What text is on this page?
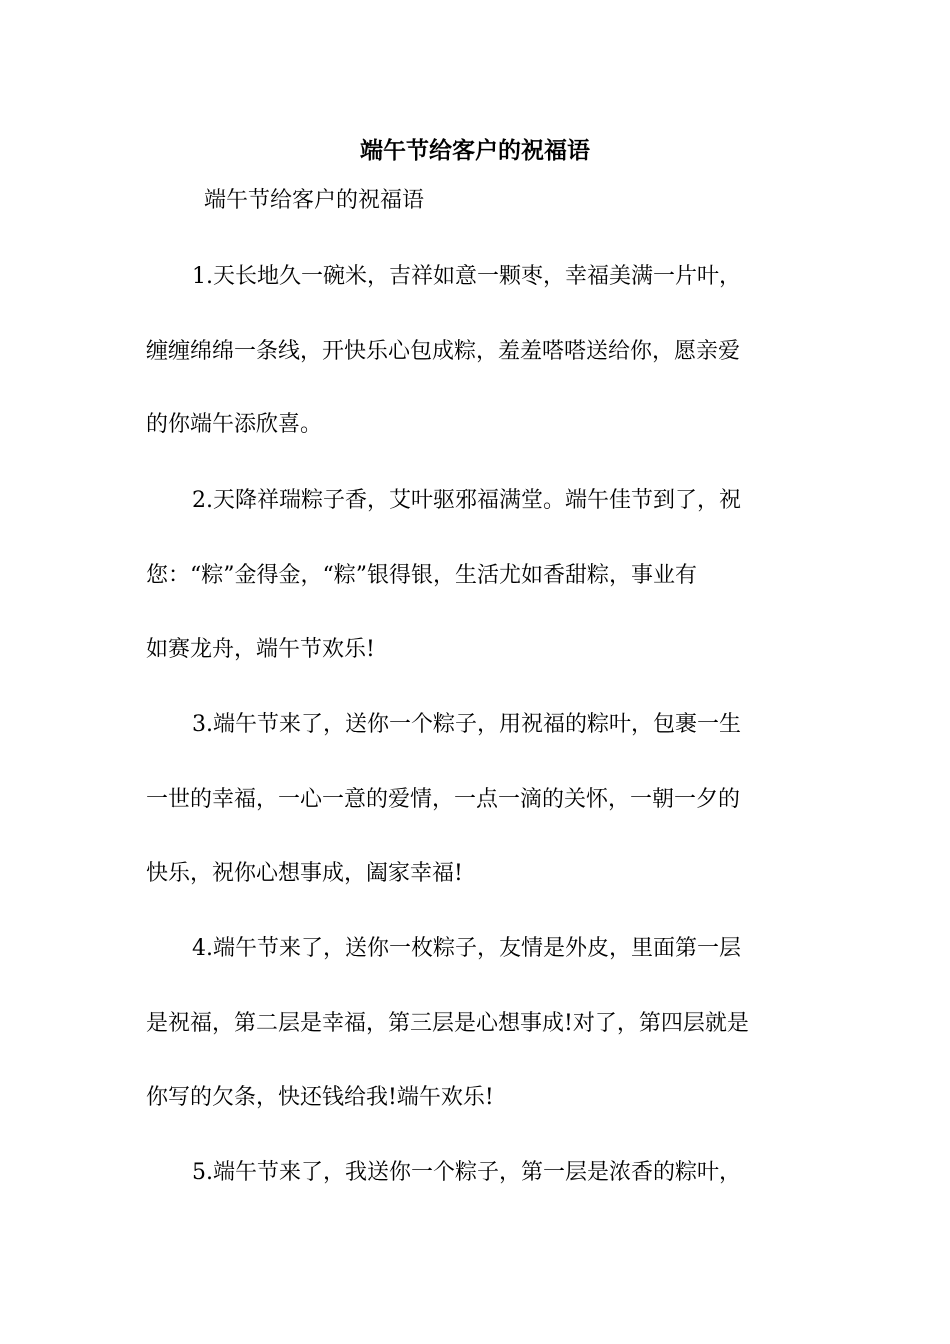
端午节给客户的祝福语
端午节给客户的祝福语
1.天长地久一碗米，吉祥如意一颗枣，幸福美满一片叶，
缠缠绵绵一条线，开快乐心包成粽，羞羞嗒嗒送给你，愿亲爱
的你端午添欣喜。
2.天降祥瑞粽子香，艾叶驱邪福满堂。端午佳节到了，祝
您：“粽”金得金，“粽”银得银，生活尤如香甜粽，事业有
如赛龙舟，端午节欢乐!
3.端午节来了，送你一个粽子，用祝福的粽叶，包裹一生
一世的幸福，一心一意的爱情，一点一滴的关怀，一朝一夕的
快乐，祝你心想事成，阖家幸福!
4.端午节来了，送你一枚粽子，友情是外皮，里面第一层
是祝福，第二层是幸福，第三层是心想事成!对了，第四层就是
你写的欠条，快还钱给我!端午欢乐!
5.端午节来了，我送你一个粽子，第一层是浓香的粽叶，
